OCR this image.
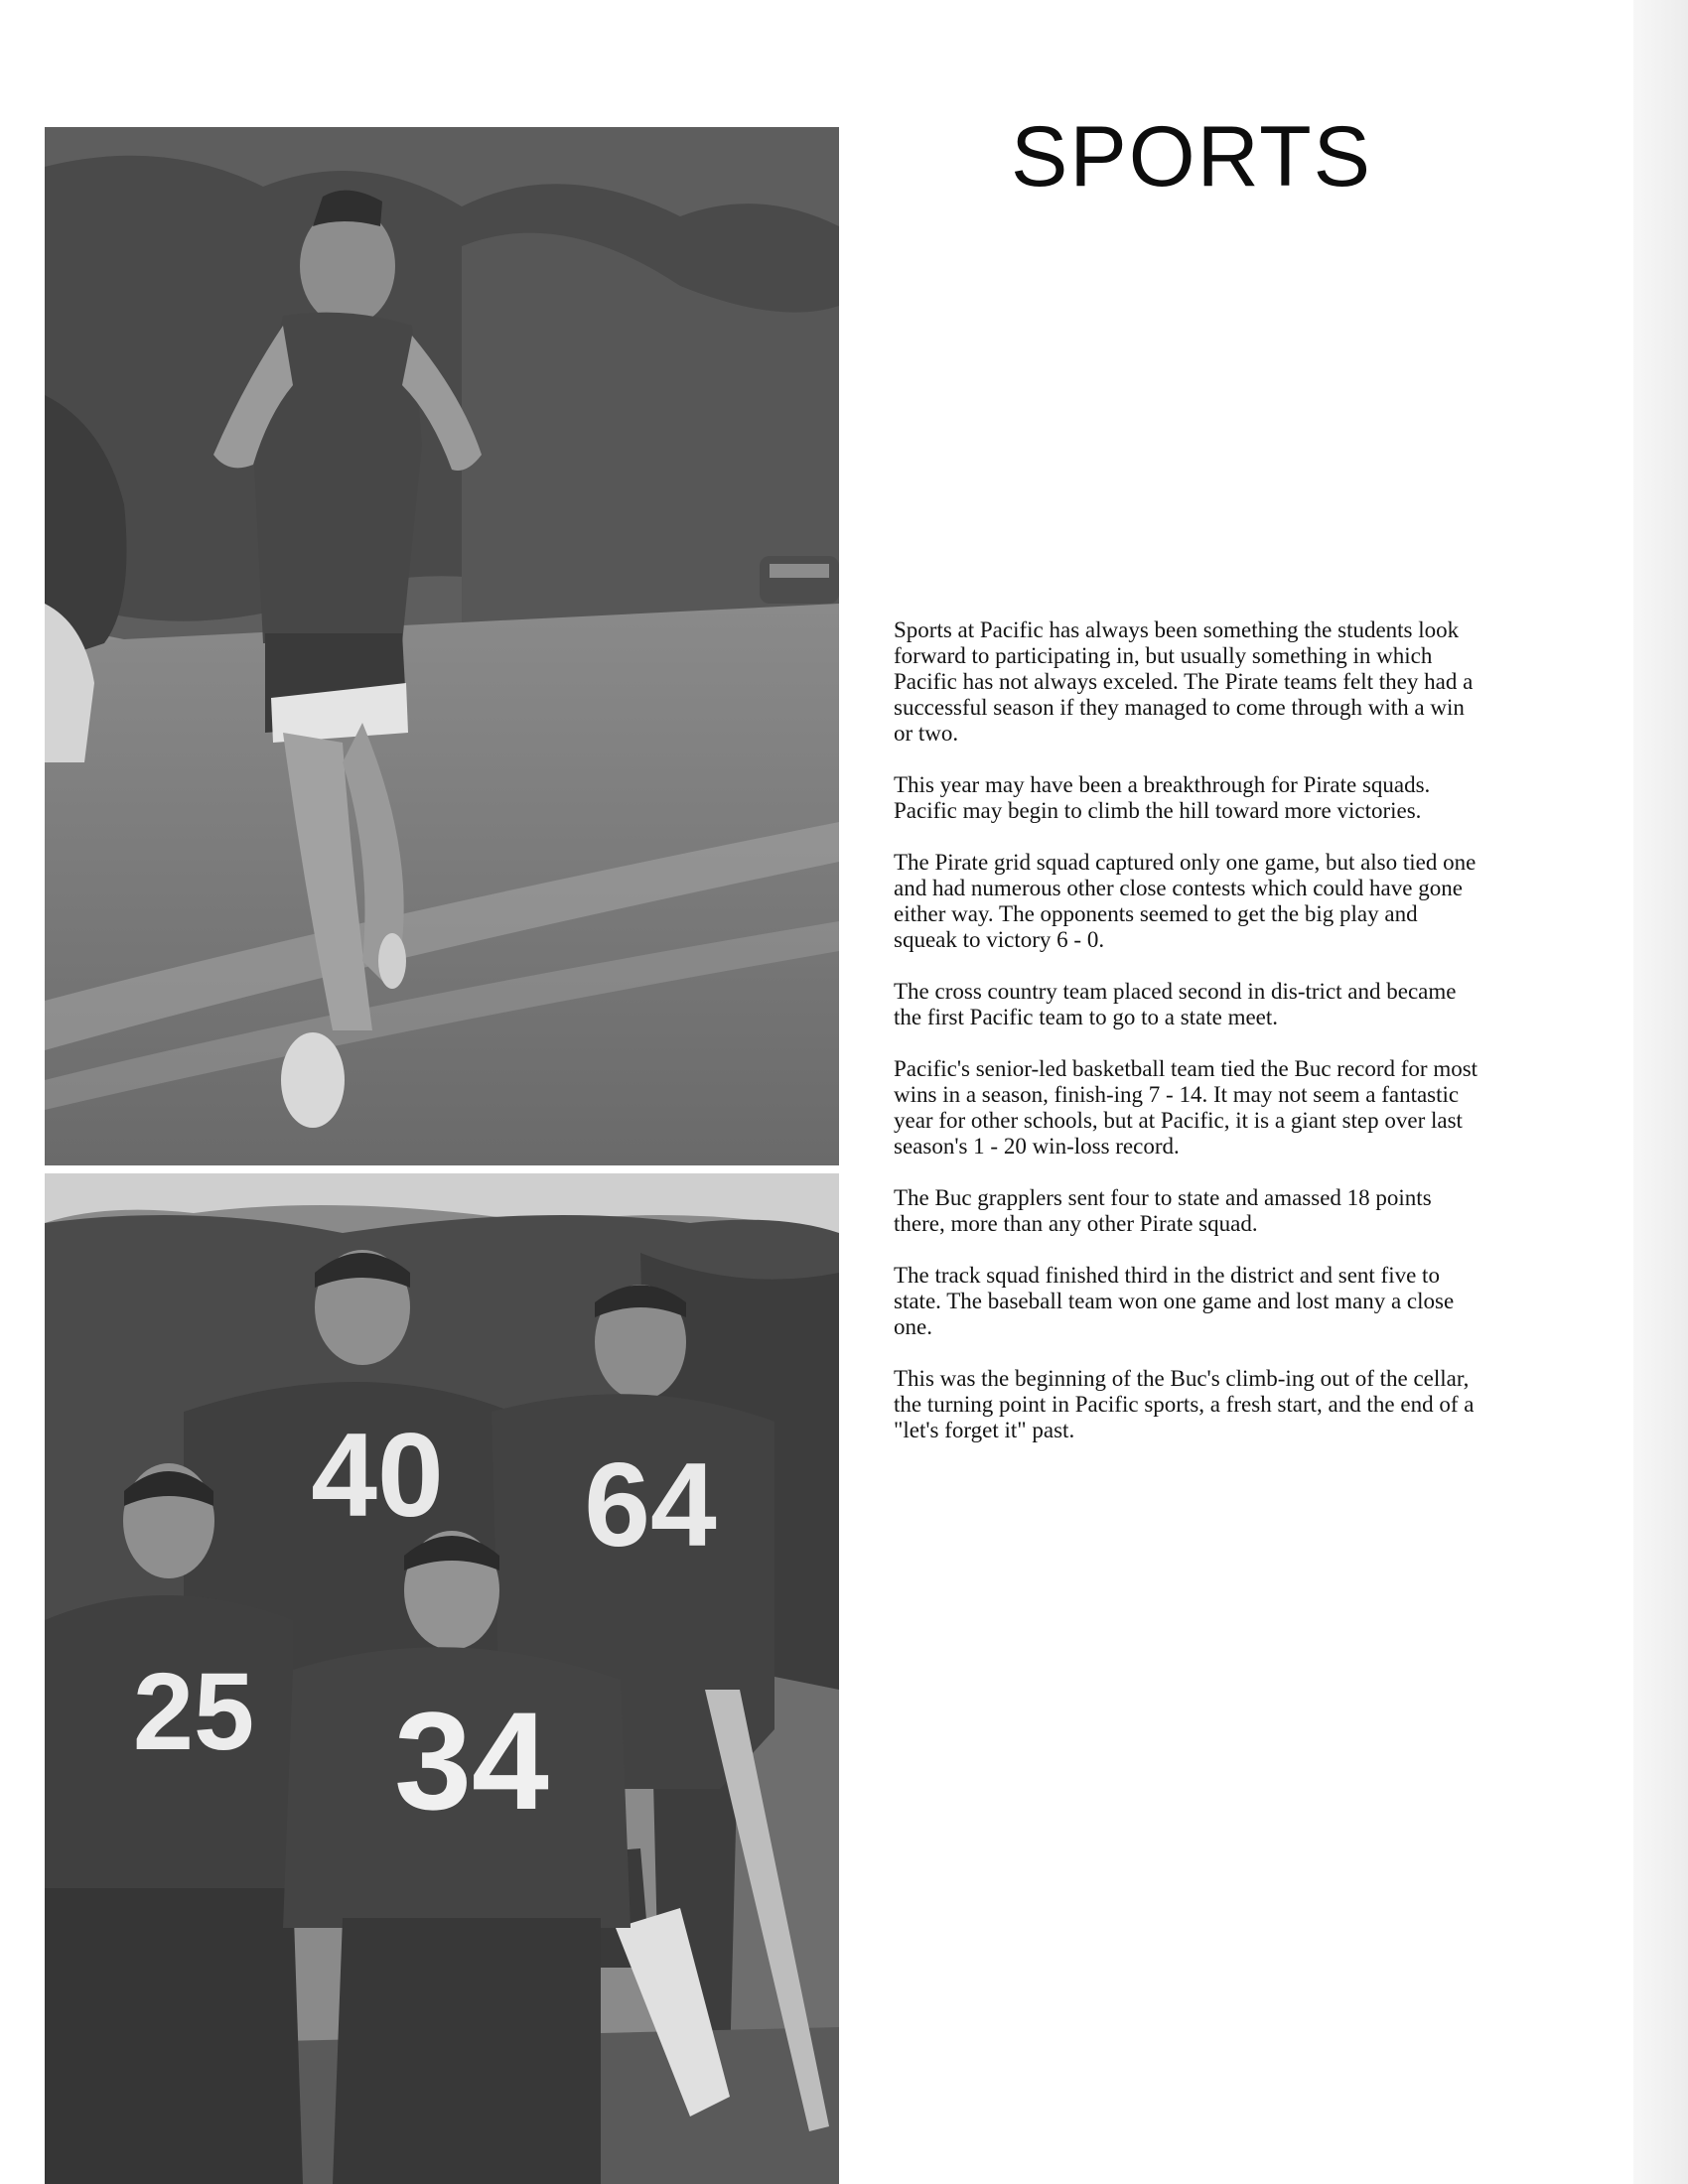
40 64
25 34
SPORTS

Sports at Pacific has always been something the students look forward to participating in, but usually something in which Pacific has not always exceled. The Pirate teams felt they had a successful season if they managed to come through with a win or two.

This year may have been a breakthrough for Pirate squads. Pacific may begin to climb the hill toward more victories.

The Pirate grid squad captured only one game, but also tied one and had numerous other close contests which could have gone either way. The opponents seemed to get the big play and squeak to victory 6 - 0.

The cross country team placed second in dis-trict and became the first Pacific team to go to a state meet.

Pacific's senior-led basketball team tied the Buc record for most wins in a season, finish-ing 7 - 14. It may not seem a fantastic year for other schools, but at Pacific, it is a giant step over last season's 1 - 20 win-loss record.

The Buc grapplers sent four to state and amassed 18 points there, more than any other Pirate squad.

The track squad finished third in the district and sent five to state. The baseball team won one game and lost many a close one.

This was the beginning of the Buc's climb-ing out of the cellar, the turning point in Pacific sports, a fresh start, and the end of a "let's forget it" past.
